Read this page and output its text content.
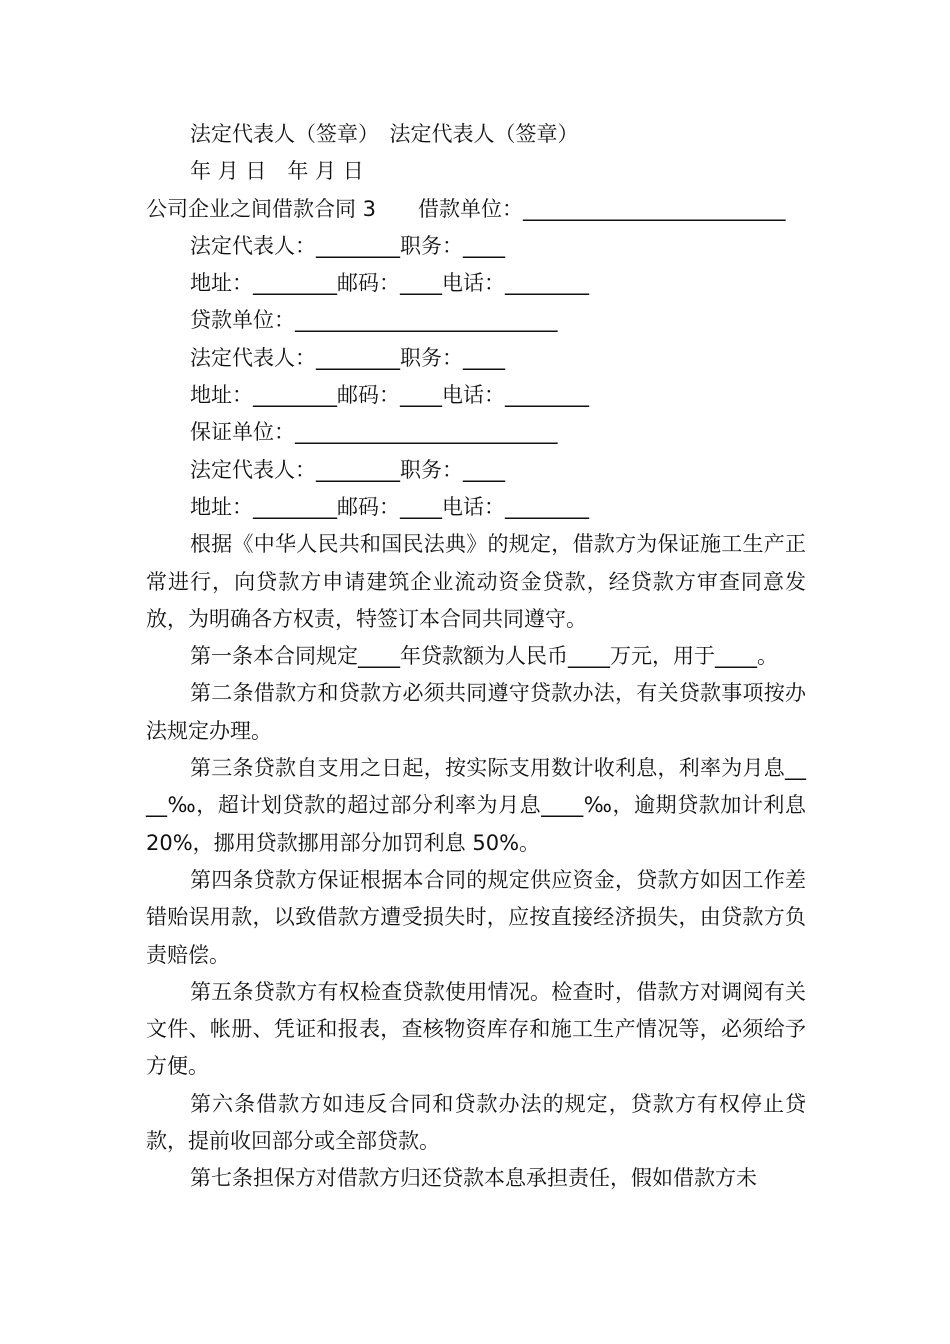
法定代表人（签章）　法定代表人（签章）
年 月 日　年 月 日
公司企业之间借款合同 3　　借款单位：_________________________
法定代表人：________职务：____
地址：________邮码：____电话：________
贷款单位：_________________________
法定代表人：________职务：____
地址：________邮码：____电话：________
保证单位：_________________________
法定代表人：________职务：____
地址：________邮码：____电话：________

根据《中华人民共和国民法典》的规定，借款方为保证施工生产正常进行，向贷款方申请建筑企业流动资金贷款，经贷款方审查同意发放，为明确各方权责，特签订本合同共同遵守。

第一条本合同规定____年贷款额为人民币____万元，用于____。

第二条借款方和贷款方必须共同遵守贷款办法，有关贷款事项按办法规定办理。

第三条贷款自支用之日起，按实际支用数计收利息，利率为月息____‰，超计划贷款的超过部分利率为月息____‰，逾期贷款加计利息 20%，挪用贷款挪用部分加罚利息 50%。

第四条贷款方保证根据本合同的规定供应资金，贷款方如因工作差错贻误用款，以致借款方遭受损失时，应按直接经济损失，由贷款方负责赔偿。

第五条贷款方有权检查贷款使用情况。检查时，借款方对调阅有关文件、帐册、凭证和报表，查核物资库存和施工生产情况等，必须给予方便。

第六条借款方如违反合同和贷款办法的规定，贷款方有权停止贷款，提前收回部分或全部贷款。

第七条担保方对借款方归还贷款本息承担责任，假如借款方未
